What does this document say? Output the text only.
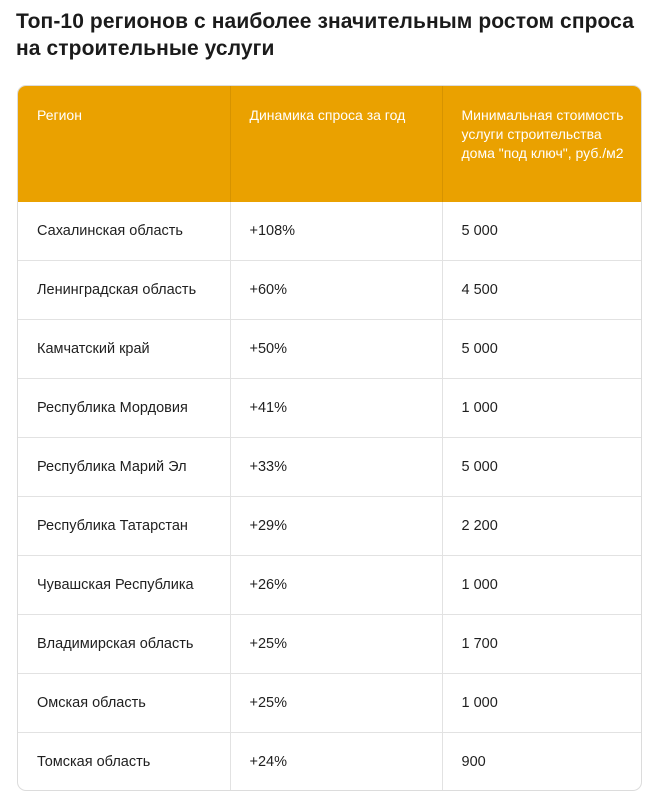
Топ-10 регионов с наиболее значительным ростом спроса на строительные услуги
Регион	Динамика спроса за год	Минимальная стоимость услуги строительства дома "под ключ", руб./м2
Сахалинская область	+108%	5 000
Ленинградская область	+60%	4 500
Камчатский край	+50%	5 000
Республика Мордовия	+41%	1 000
Республика Марий Эл	+33%	5 000
Республика Татарстан	+29%	2 200
Чувашская Республика	+26%	1 000
Владимирская область	+25%	1 700
Омская область	+25%	1 000
Томская область	+24%	900
